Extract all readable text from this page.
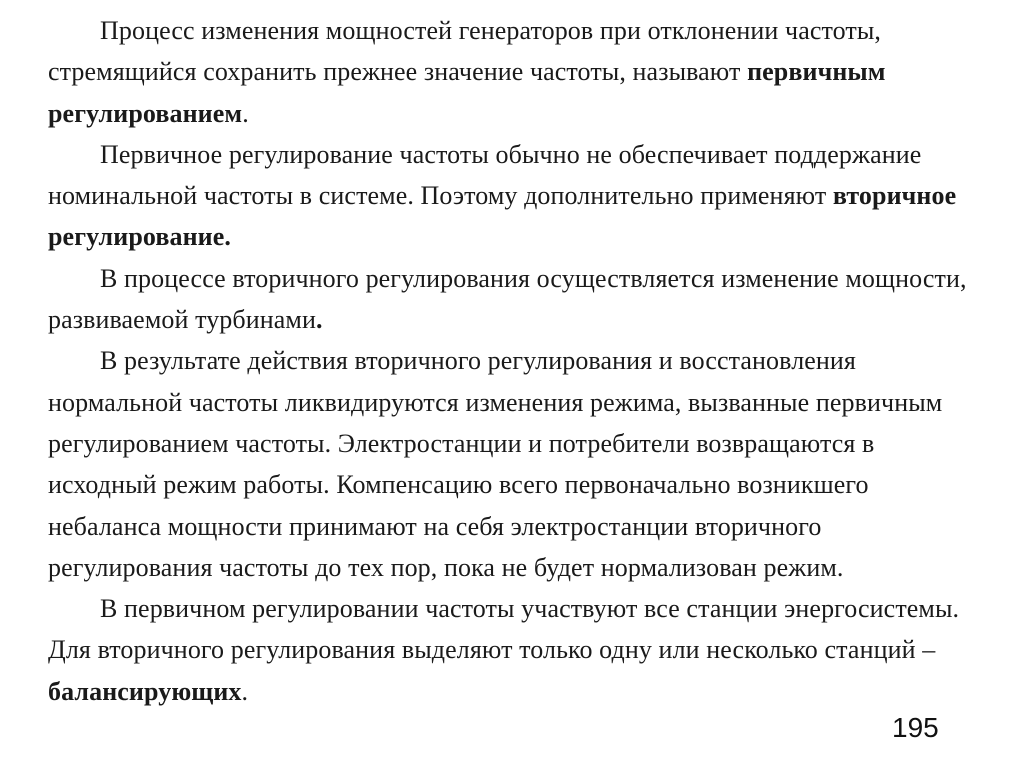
Процесс изменения мощностей генераторов при отклонении частоты, стремящийся сохранить прежнее значение частоты, называют первичным регулированием.

Первичное регулирование частоты обычно не обеспечивает поддержание номинальной частоты в системе. Поэтому дополнительно применяют вторичное регулирование.

В процессе вторичного регулирования осуществляется изменение мощности, развиваемой турбинами.

В результате действия вторичного регулирования и восстановления нормальной частоты ликвидируются изменения режима, вызванные первичным регулированием частоты. Электростанции и потребители возвращаются в исходный режим работы. Компенсацию всего первоначально возникшего небаланса мощности принимают на себя электростанции вторичного регулирования частоты до тех пор, пока не будет нормализован режим.

В первичном регулировании частоты участвуют все станции энергосистемы. Для вторичного регулирования выделяют только одну или несколько станций – балансирующих.

195
